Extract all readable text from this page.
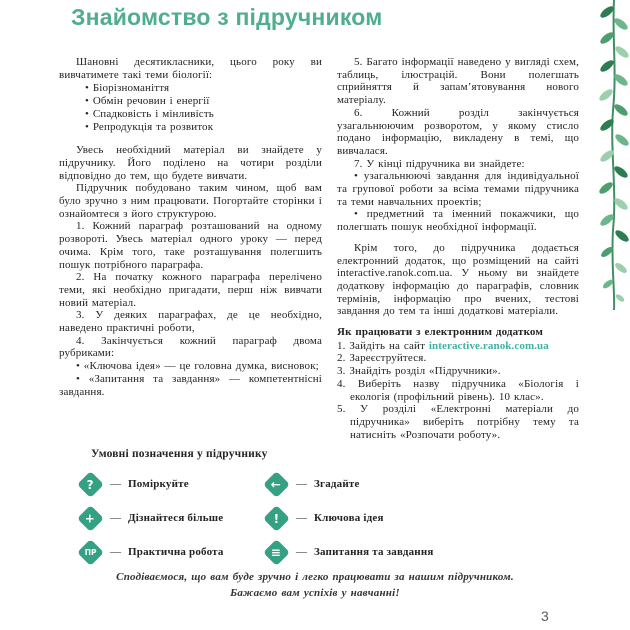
Знайомство з підручником

Шановні десятикласники, цього року ви вивчатимете такі теми біології:

• Біорізноманіття
• Обмін речовин і енергії
• Спадковість і мінливість
• Репродукція та розвиток

Увесь необхідний матеріал ви знайдете у підручнику. Його поділено на чотири розділи відповідно до тем, що будете вивчати.

Підручник побудовано таким чином, щоб вам було зручно з ним працювати. Погортайте сторінки і ознайомтеся з його структурою.

1. Кожний параграф розташований на одному розвороті. Увесь матеріал одного уроку — перед очима. Крім того, таке розташування полегшить пошук потрібного параграфа.

2. На початку кожного параграфа перелічено теми, які необхідно пригадати, перш ніж вивчати новий матеріал.

3. У деяких параграфах, де це необхідно, наведено практичні роботи,

4. Закінчується кожний параграф двома рубриками:

• «Ключова ідея» — це головна думка, висновок;

• «Запитання та завдання» — компетентнісні завдання.

5. Багато інформації наведено у вигляді схем, таблиць, ілюстрацій. Вони полегшать сприйняття й запам’ятовування нового матеріалу.

6. Кожний розділ закінчується узагальнюючим розворотом, у якому стисло подано інформацію, викладену в темі, що вивчалася.

7. У кінці підручника ви знайдете:

• узагальнюючі завдання для індивідуальної та групової роботи за всіма темами підручника та теми навчальних проектів;

• предметний та іменний покажчики, що полегшать пошук необхідної інформації.

Крім того, до підручника додається електронний додаток, що розміщений на сайті interactive.ranok.com.ua. У ньому ви знайдете додаткову інформацію до параграфів, словник термінів, інформацію про вчених, тестові завдання до тем та інші додаткові матеріали.

Як працювати з електронним додатком

1. Зайдіть на сайт interactive.ranok.com.ua
2. Зареєструйтеся.
3. Знайдіть розділ «Підручники».
4. Виберіть назву підручника «Біологія і екологія (профільний рівень). 10 клас».
5. У розділі «Електронні матеріали до підручника» виберіть потрібну тему та натисніть «Розпочати роботу».
Умовні позначення у підручнику
? — Поміркуйте	← — Згадайте
+ — Дізнайтеся більше	! — Ключова ідея
ПР — Практична робота	≡ — Запитання та завдання
Сподіваємося, що вам буде зручно і легко працювати за нашим підручником.
Бажаємо вам успіхів у навчанні!
3
